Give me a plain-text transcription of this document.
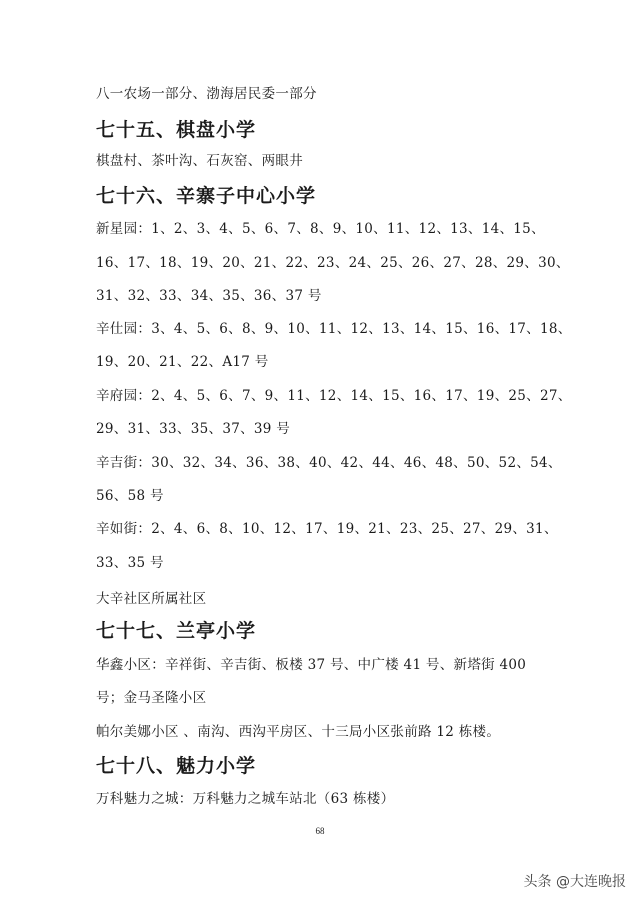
八一农场一部分、渤海居民委一部分
七十五、棋盘小学
棋盘村、茶叶沟、石灰窑、两眼井
七十六、辛寨子中心小学
新星园：1、2、3、4、5、6、7、8、9、10、11、12、13、14、15、
16、17、18、19、20、21、22、23、24、25、26、27、28、29、30、
31、32、33、34、35、36、37 号
辛仕园：3、4、5、6、8、9、10、11、12、13、14、15、16、17、18、
19、20、21、22、A17 号
辛府园：2、4、5、6、7、9、11、12、14、15、16、17、19、25、27、
29、31、33、35、37、39 号
辛吉街：30、32、34、36、38、40、42、44、46、48、50、52、54、
56、58 号
辛如街：2、4、6、8、10、12、17、19、21、23、25、27、29、31、
33、35 号
大辛社区所属社区
七十七、兰亭小学
华鑫小区：辛祥街、辛吉街、板楼 37 号、中广楼 41 号、新塔街 400
号；金马圣隆小区
帕尔美娜小区 、南沟、西沟平房区、十三局小区张前路 12 栋楼。
七十八、魅力小学
万科魅力之城：万科魅力之城车站北（63 栋楼）
68
头条 @大连晚报
